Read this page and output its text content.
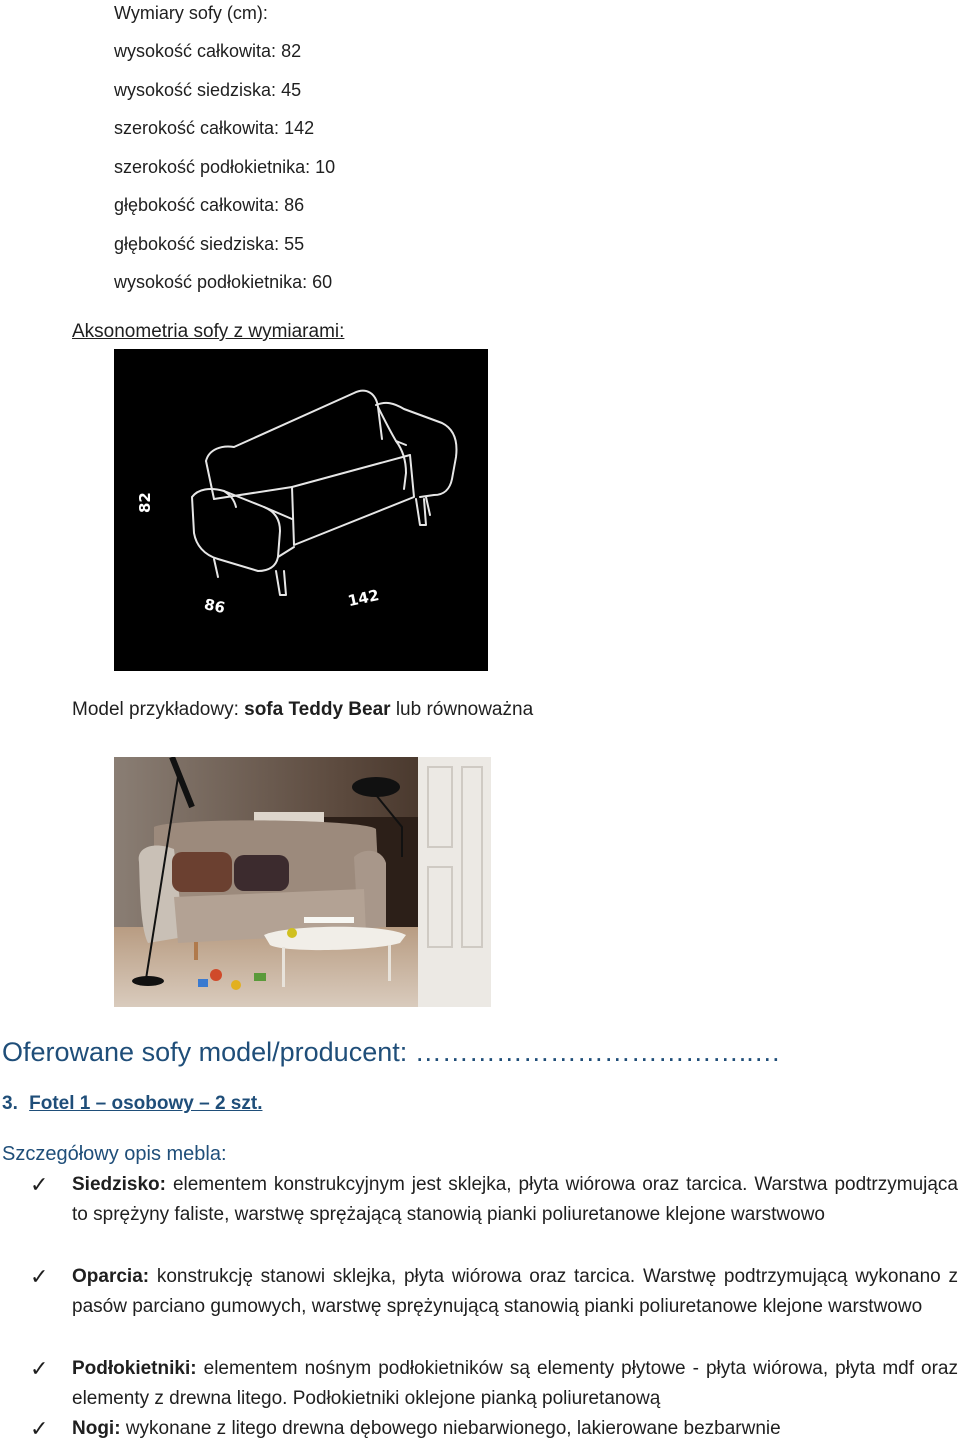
Wymiary sofy (cm):
wysokość całkowita: 82
wysokość siedziska: 45
szerokość całkowita: 142
szerokość podłokietnika: 10
głębokość całkowita: 86
głębokość siedziska: 55
wysokość podłokietnika: 60
Aksonometria sofy z wymiarami:
82
86	142
Model przykładowy: sofa Teddy Bear lub równoważna
Oferowane sofy model/producent: ………………………………..…
3. Fotel 1 – osobowy – 2 szt.
Szczegółowy opis mebla:
✓ Siedzisko: elementem konstrukcyjnym jest sklejka, płyta wiórowa oraz tarcica. Warstwa podtrzymująca to sprężyny faliste, warstwę sprężającą stanowią pianki poliuretanowe klejone warstwowo
✓ Oparcia: konstrukcję stanowi sklejka, płyta wiórowa oraz tarcica. Warstwę podtrzymującą wykonano z pasów parciano gumowych, warstwę sprężynującą stanowią pianki poliuretanowe klejone warstwowo
✓ Podłokietniki: elementem nośnym podłokietników są elementy płytowe - płyta wiórowa, płyta mdf oraz elementy z drewna litego. Podłokietniki oklejone pianką poliuretanową
✓ Nogi: wykonane z litego drewna dębowego niebarwionego, lakierowane bezbarwnie
